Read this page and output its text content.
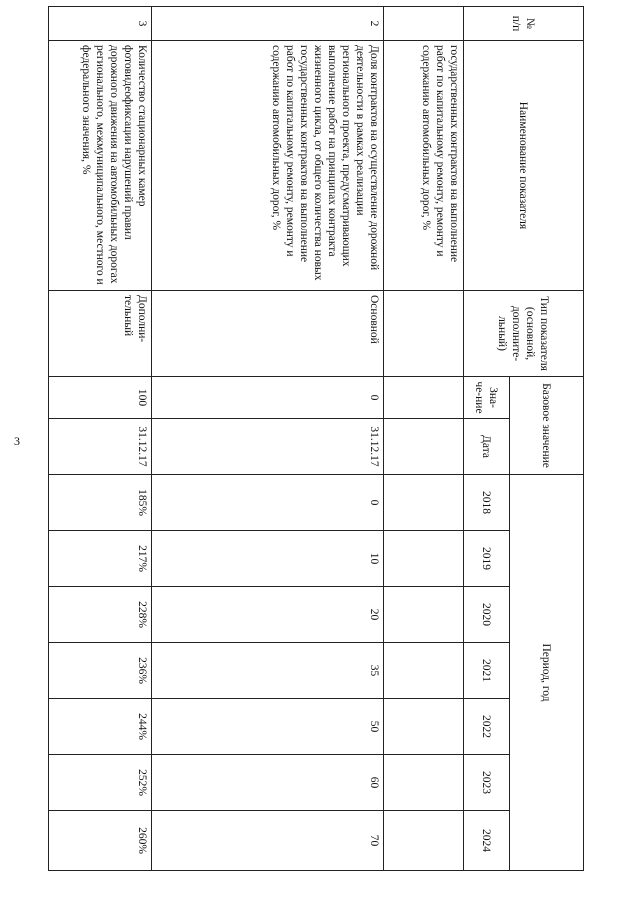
3
№
п/п	Наименование показателя	Тип показателя (основной, дополните-льный)	Базовое значение		Период, год						
			Зна-че-ние	Дата	2018	2019	2020	2021	2022	2023	2024
	государственных контрактов на выполнение работ по капитальному ремонту, ремонту и содержанию автомобильных дорог, %										
2	Доля контрактов на осуществление дорожной деятельности в рамках реализации регионального проекта, предусматривающих выполнение работ на принципах контракта жизненного цикла, от общего количества новых государственных контрактов на выполнение работ по капитальному ремонту, ремонту и содержанию автомобильных дорог, %	Основной	0	31.12.17	0	10	20	35	50	60	70
3	Количество стационарных камер фотовидеофиксации нарушений правил дорожного движения на автомобильных дорогах регионального, межмуниципального, местного и федерального значения, %	Дополни-тельный	100	31.12.17	185%	217%	228%	236%	244%	252%	260%
